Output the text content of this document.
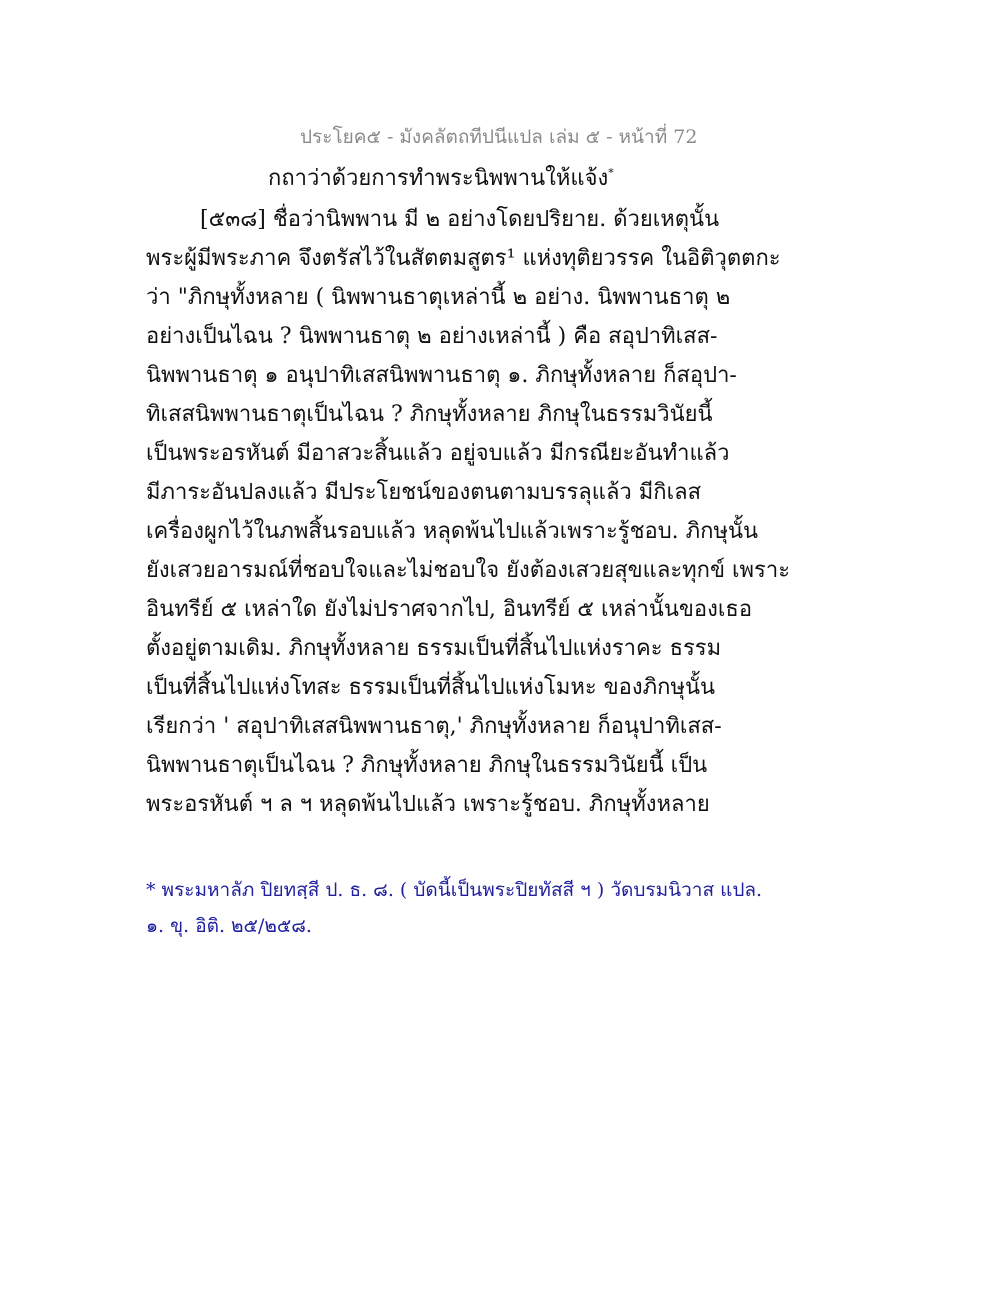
ประโยค๕ - มังคลัตถทีปนีแปล เล่ม ๕ - หน้าที่ 72
กถาว่าด้วยการทำพระนิพพานให้แจ้ง*
[๕๓๘] ชื่อว่านิพพาน มี ๒ อย่างโดยปริยาย. ด้วยเหตุนั้น
พระผู้มีพระภาค จึงตรัสไว้ในสัตตมสูตร¹ แห่งทุติยวรรค ในอิติวุตตกะ
ว่า "ภิกษุทั้งหลาย ( นิพพานธาตุเหล่านี้ ๒ อย่าง. นิพพานธาตุ ๒
อย่างเป็นไฉน ? นิพพานธาตุ ๒ อย่างเหล่านี้ ) คือ สอุปาทิเสส-
นิพพานธาตุ ๑ อนุปาทิเสสนิพพานธาตุ ๑. ภิกษุทั้งหลาย ก็สอุปา-
ทิเสสนิพพานธาตุเป็นไฉน ? ภิกษุทั้งหลาย ภิกษุในธรรมวินัยนี้
เป็นพระอรหันต์ มีอาสวะสิ้นแล้ว อยู่จบแล้ว มีกรณียะอันทำแล้ว
มีภาระอันปลงแล้ว มีประโยชน์ของตนตามบรรลุแล้ว มีกิเลส
เครื่องผูกไว้ในภพสิ้นรอบแล้ว หลุดพ้นไปแล้วเพราะรู้ชอบ. ภิกษุนั้น
ยังเสวยอารมณ์ที่ชอบใจและไม่ชอบใจ ยังต้องเสวยสุขและทุกข์ เพราะ
อินทรีย์ ๕ เหล่าใด ยังไม่ปราศจากไป, อินทรีย์ ๕ เหล่านั้นของเธอ
ตั้งอยู่ตามเดิม. ภิกษุทั้งหลาย ธรรมเป็นที่สิ้นไปแห่งราคะ ธรรม
เป็นที่สิ้นไปแห่งโทสะ ธรรมเป็นที่สิ้นไปแห่งโมหะ ของภิกษุนั้น
เรียกว่า ' สอุปาทิเสสนิพพานธาตุ,' ภิกษุทั้งหลาย ก็อนุปาทิเสส-
นิพพานธาตุเป็นไฉน ? ภิกษุทั้งหลาย ภิกษุในธรรมวินัยนี้ เป็น
พระอรหันต์ ฯ ล ฯ หลุดพ้นไปแล้ว เพราะรู้ชอบ. ภิกษุทั้งหลาย
* พระมหาลัภ ปิยทสฺสี ป. ธ. ๘. ( บัดนี้เป็นพระปิยทัสสี ฯ ) วัดบรมนิวาส แปล.
๑. ขุ. อิติ. ๒๕/๒๕๘.
